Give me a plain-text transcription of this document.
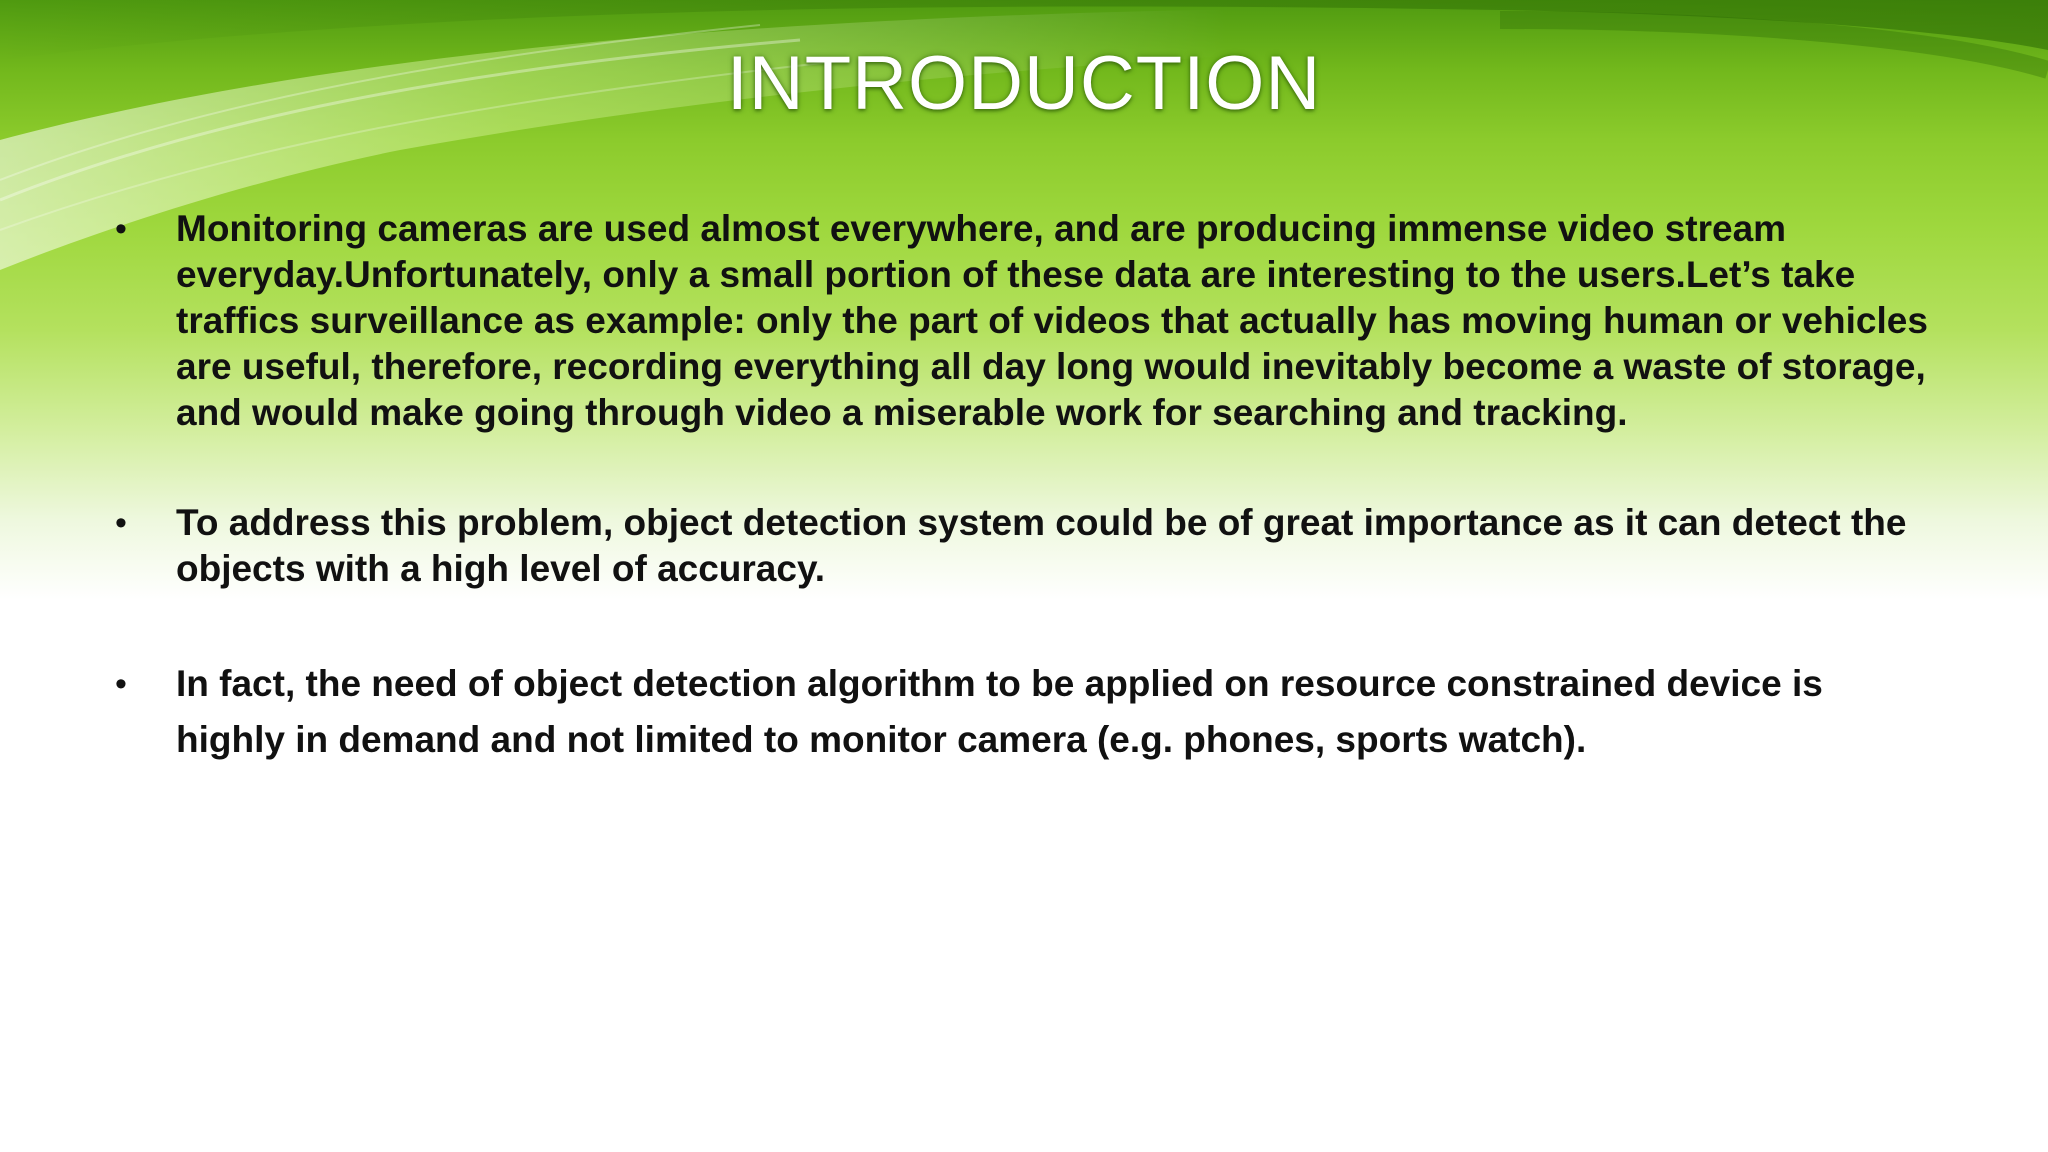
INTRODUCTION
• Monitoring cameras are used almost everywhere, and are producing immense video stream everyday.Unfortunately, only a small portion of these data are interesting to the users.Let’s take traffics surveillance as example: only the part of videos that actually has moving human or vehicles are useful, therefore, recording everything all day long would inevitably become a waste of storage, and would make going through video a miserable work for searching and tracking.
• To address this problem, object detection system could be of great importance as it can detect the objects with a high level of accuracy.
• In fact, the need of object detection algorithm to be applied on resource constrained device is highly in demand and not limited to monitor camera (e.g. phones, sports watch).
